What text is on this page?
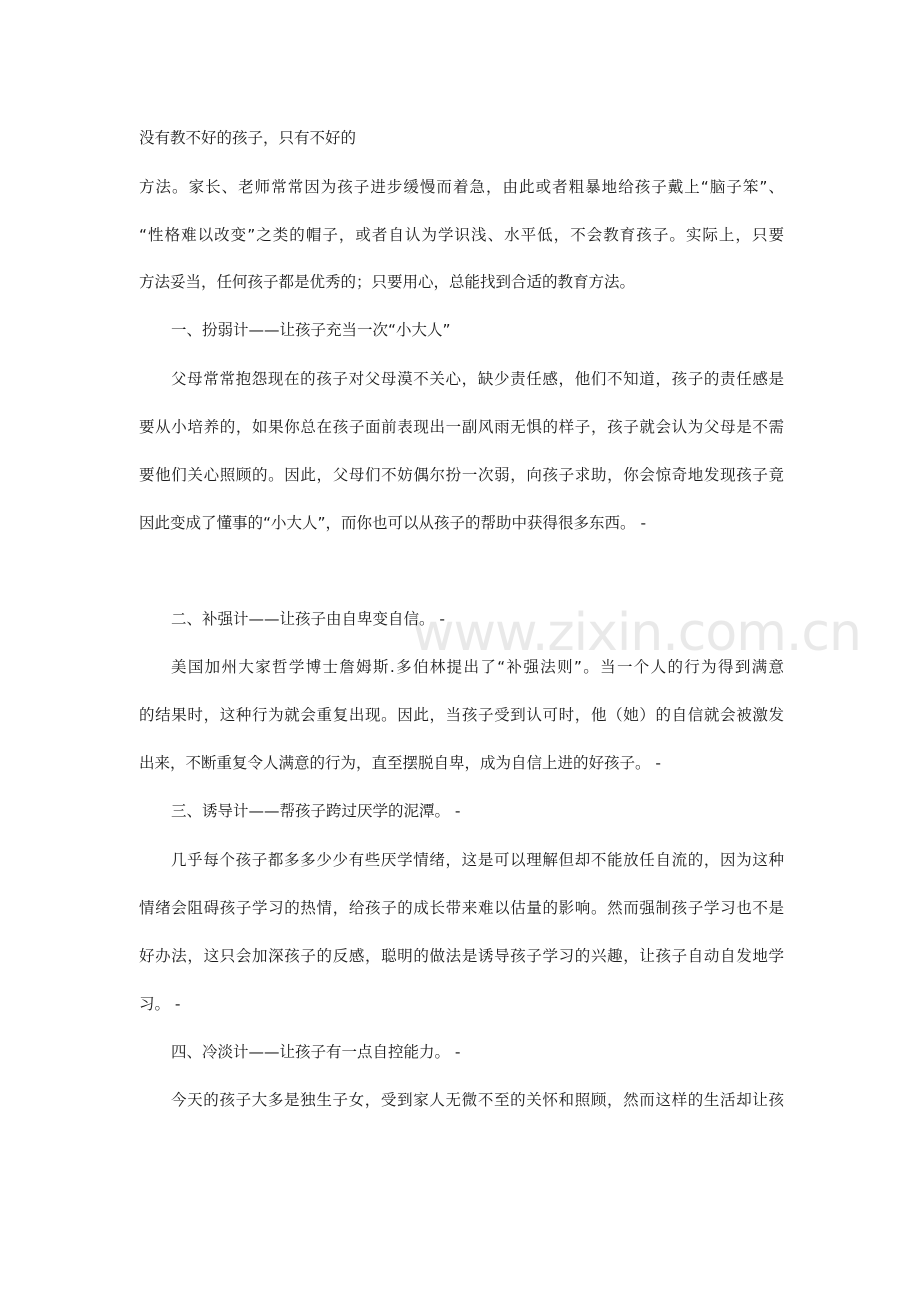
www.zixin.com.cn
没有教不好的孩子，只有不好的
方法。家长、老师常常因为孩子进步缓慢而着急，由此或者粗暴地给孩子戴上“脑子笨”、
“性格难以改变”之类的帽子，或者自认为学识浅、水平低，不会教育孩子。实际上，只要
方法妥当，任何孩子都是优秀的；只要用心，总能找到合适的教育方法。
一、扮弱计——让孩子充当一次“小大人”
父母常常抱怨现在的孩子对父母漠不关心，缺少责任感，他们不知道，孩子的责任感是
要从小培养的，如果你总在孩子面前表现出一副风雨无惧的样子，孩子就会认为父母是不需
要他们关心照顾的。因此，父母们不妨偶尔扮一次弱，向孩子求助，你会惊奇地发现孩子竟
因此变成了懂事的“小大人”，而你也可以从孩子的帮助中获得很多东西。 -
二、补强计——让孩子由自卑变自信。 -
美国加州大家哲学博士詹姆斯.多伯林提出了“补强法则”。当一个人的行为得到满意
的结果时，这种行为就会重复出现。因此，当孩子受到认可时，他（她）的自信就会被激发
出来，不断重复令人满意的行为，直至摆脱自卑，成为自信上进的好孩子。 -
三、诱导计——帮孩子跨过厌学的泥潭。 -
几乎每个孩子都多多少少有些厌学情绪，这是可以理解但却不能放任自流的，因为这种
情绪会阻碍孩子学习的热情，给孩子的成长带来难以估量的影响。然而强制孩子学习也不是
好办法，这只会加深孩子的反感，聪明的做法是诱导孩子学习的兴趣，让孩子自动自发地学
习。 -
四、冷淡计——让孩子有一点自控能力。 -
今天的孩子大多是独生子女，受到家人无微不至的关怀和照顾，然而这样的生活却让孩
